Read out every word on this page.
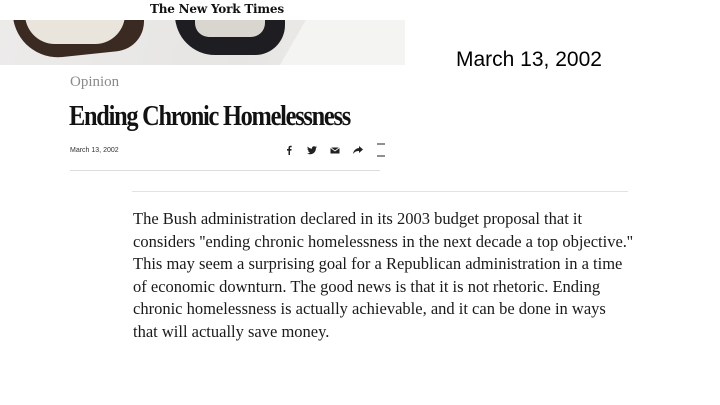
The New York Times
March 13, 2002
Opinion
Ending Chronic Homelessness
March 13, 2002
The Bush administration declared in its 2003 budget proposal that it considers ''ending chronic homelessness in the next decade a top objective.'' This may seem a surprising goal for a Republican administration in a time of economic downturn. The good news is that it is not rhetoric. Ending chronic homelessness is actually achievable, and it can be done in ways that will actually save money.
